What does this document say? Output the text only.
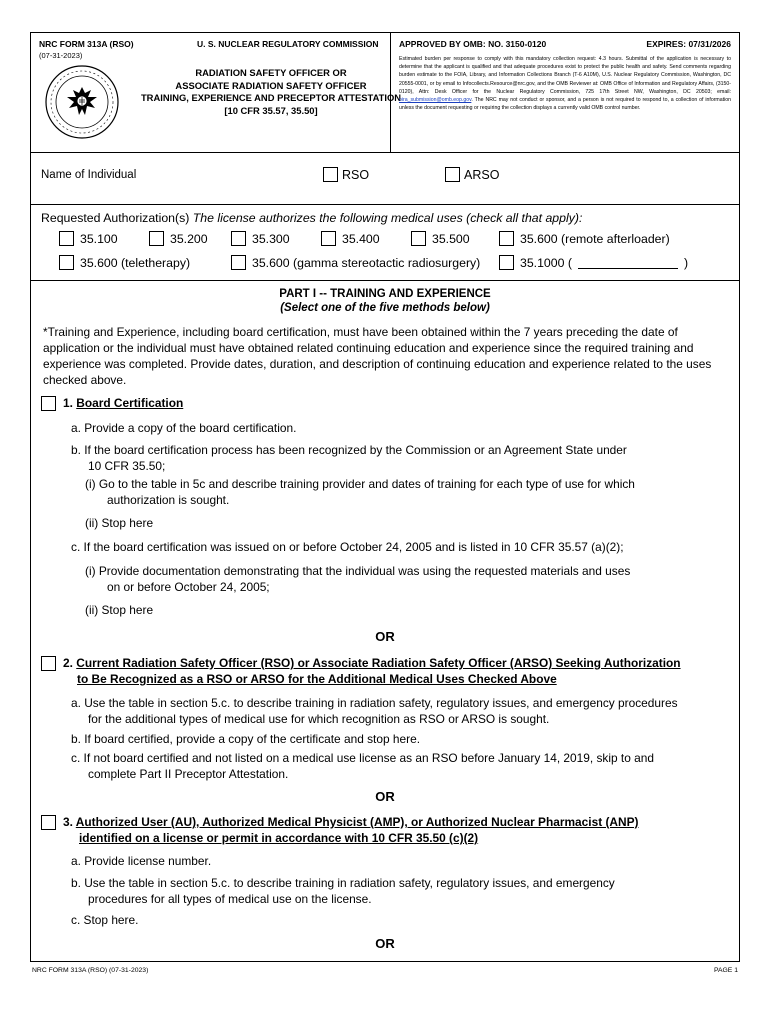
NRC FORM 313A (RSO)
(07-31-2023)
U. S. NUCLEAR REGULATORY COMMISSION
RADIATION SAFETY OFFICER OR
ASSOCIATE RADIATION SAFETY OFFICER
TRAINING, EXPERIENCE AND PRECEPTOR ATTESTATION
[10 CFR 35.57, 35.50]
APPROVED BY OMB: NO. 3150-0120	EXPIRES: 07/31/2026
Estimated burden per response to comply with this mandatory collection request: 4.3 hours. Submittal of the application is necessary to determine that the applicant is qualified and that adequate procedures exist to protect the public health and safety. Send comments regarding burden estimate to the FOIA, Library, and Information Collections Branch (T-6 A10M), U.S. Nuclear Regulatory Commission, Washington, DC 20555-0001, or by email to Infocollects.Resource@nrc.gov, and the OMB Reviewer at: OMB Office of Information and Regulatory Affairs, (3150-0120), Attn: Desk Officer for the Nuclear Regulatory Commission, 725 17th Street NW, Washington, DC 20503; email: oira_submission@omb.eop.gov. The NRC may not conduct or sponsor, and a person is not required to respond to, a collection of information unless the document requesting or requiring the collection displays a currently valid OMB control number.
Name of Individual	RSO	ARSO
Requested Authorization(s) The license authorizes the following medical uses (check all that apply):
35.100	35.200	35.300	35.400	35.500	35.600 (remote afterloader)
35.600 (teletherapy)	35.600 (gamma stereotactic radiosurgery)	35.1000 (	)
PART I -- TRAINING AND EXPERIENCE
(Select one of the five methods below)
*Training and Experience, including board certification, must have been obtained within the 7 years preceding the date of application or the individual must have obtained related continuing education and experience since the required training and experience was completed. Provide dates, duration, and description of continuing education and experience related to the uses checked above.
1. Board Certification
a. Provide a copy of the board certification.
b. If the board certification process has been recognized by the Commission or an Agreement State under
10 CFR 35.50;
(i) Go to the table in 5c and describe training provider and dates of training for each type of use for which
authorization is sought.
(ii) Stop here
c. If the board certification was issued on or before October 24, 2005 and is listed in 10 CFR 35.57 (a)(2);
(i) Provide documentation demonstrating that the individual was using the requested materials and uses
on or before October 24, 2005;
(ii) Stop here
OR
2. Current Radiation Safety Officer (RSO) or Associate Radiation Safety Officer (ARSO) Seeking Authorization
to Be Recognized as a RSO or ARSO for the Additional Medical Uses Checked Above
a. Use the table in section 5.c. to describe training in radiation safety, regulatory issues, and emergency procedures
for the additional types of medical use for which recognition as RSO or ARSO is sought.
b. If board certified, provide a copy of the certificate and stop here.
c. If not board certified and not listed on a medical use license as an RSO before January 14, 2019, skip to and
complete Part II Preceptor Attestation.
OR
3. Authorized User (AU), Authorized Medical Physicist (AMP), or Authorized Nuclear Pharmacist (ANP)
identified on a license or permit in accordance with 10 CFR 35.50 (c)(2)
a. Provide license number.
b. Use the table in section 5.c. to describe training in radiation safety, regulatory issues, and emergency
procedures for all types of medical use on the license.
c. Stop here.
OR
NRC FORM 313A (RSO) (07-31-2023)	PAGE 1
